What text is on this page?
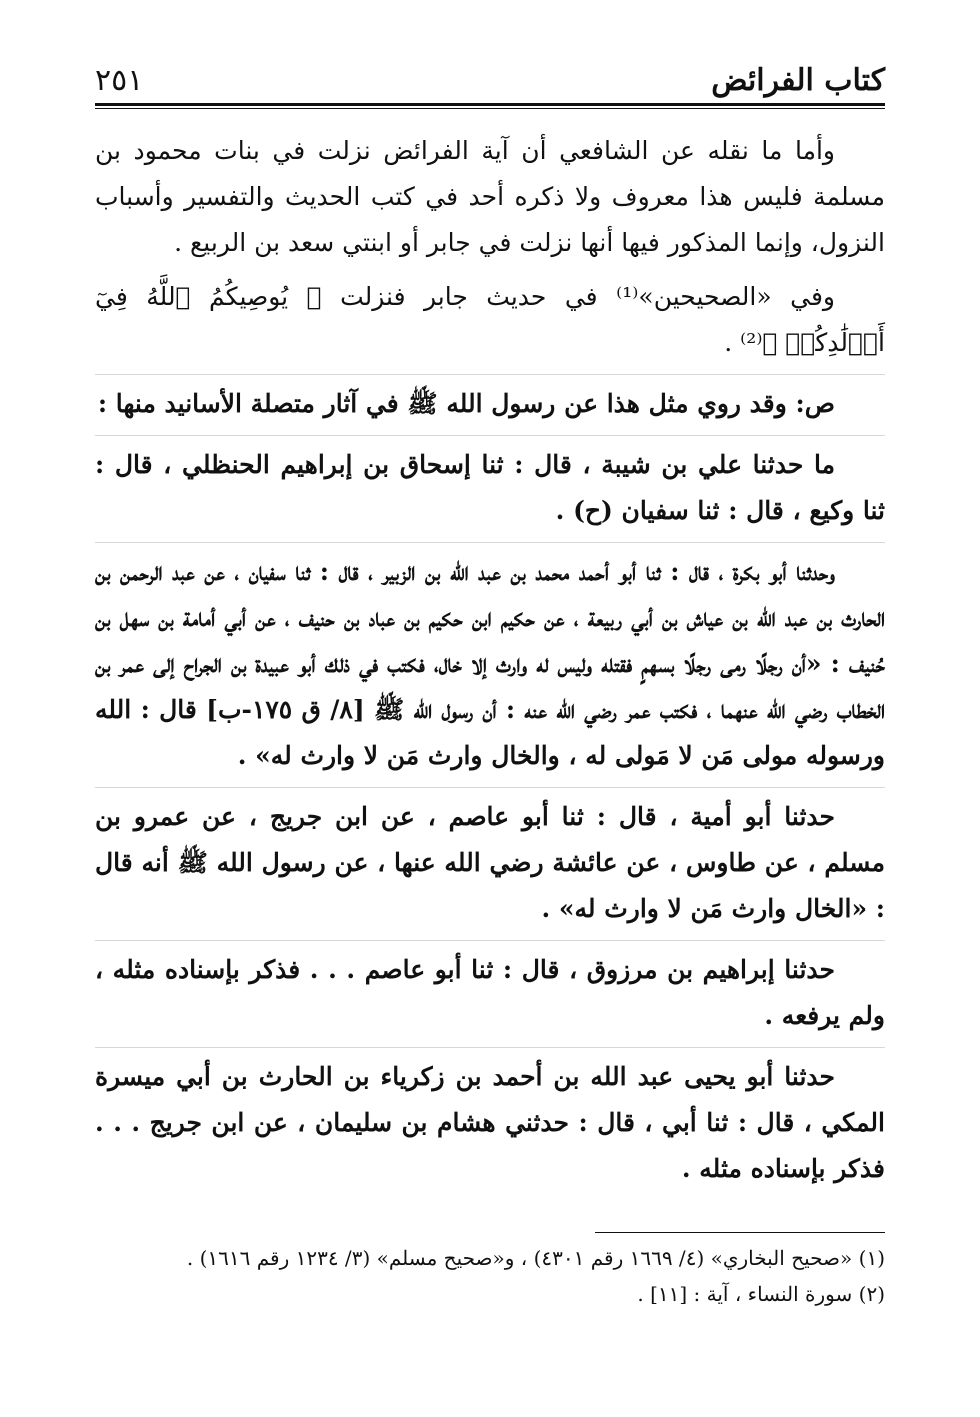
كتاب الفرائض
٢٥١

وأما ما نقله عن الشافعي أن آية الفرائض نزلت في بنات محمود بن مسلمة فليس هذا معروف ولا ذكره أحد في كتب الحديث والتفسير وأسباب النزول، وإنما المذكور فيها أنها نزلت في جابر أو ابنتي سعد بن الربيع .

وفي «الصحيحين»⁽¹⁾ في حديث جابر فنزلت ﴿ يُوصِيكُمُ ٱللَّهُ فِيٓ أَوۡلَٰدِكُمۡ ﴾⁽²⁾ .

ص: وقد روي مثل هذا عن رسول الله ﷺ في آثار متصلة الأسانيد منها :

ما حدثنا علي بن شيبة ، قال : ثنا إسحاق بن إبراهيم الحنظلي ، قال : ثنا وكيع ، قال : ثنا سفيان (ح) .

وحدثنا أبو بكرة ، قال : ثنا أبو أحمد محمد بن عبد الله بن الزبير ، قال : ثنا سفيان ، عن عبد الرحمن بن الحارث بن عبد الله بن عياش بن أبي ربيعة ، عن حكيم ابن حكيم بن عباد بن حنيف ، عن أبي أمامة بن سهل بن حُنيف : «أن رجلًا رمى رجلًا بسهمٍ فقتله وليس له وارث إلا خال، فكتب في ذلك أبو عبيدة بن الجراح إلى عمر بن الخطاب رضي الله عنهما ، فكتب عمر رضي الله عنه : أن رسول الله ﷺ [٨/ ق ١٧٥-ب] قال : الله ورسوله مولى مَن لا مَولى له ، والخال وارث مَن لا وارث له» .

حدثنا أبو أمية ، قال : ثنا أبو عاصم ، عن ابن جريج ، عن عمرو بن مسلم ، عن طاوس ، عن عائشة رضي الله عنها ، عن رسول الله ﷺ أنه قال : «الخال وارث مَن لا وارث له» .

حدثنا إبراهيم بن مرزوق ، قال : ثنا أبو عاصم . . . فذكر بإسناده مثله ، ولم يرفعه .

حدثنا أبو يحيى عبد الله بن أحمد بن زكرياء بن الحارث بن أبي ميسرة المكي ، قال : ثنا أبي ، قال : حدثني هشام بن سليمان ، عن ابن جريج . . . فذكر بإسناده مثله .

(١) «صحيح البخاري» (٤/ ١٦٦٩ رقم ٤٣٠١) ، و«صحيح مسلم» (٣/ ١٢٣٤ رقم ١٦١٦) .

(٢) سورة النساء ، آية : [١١] .
